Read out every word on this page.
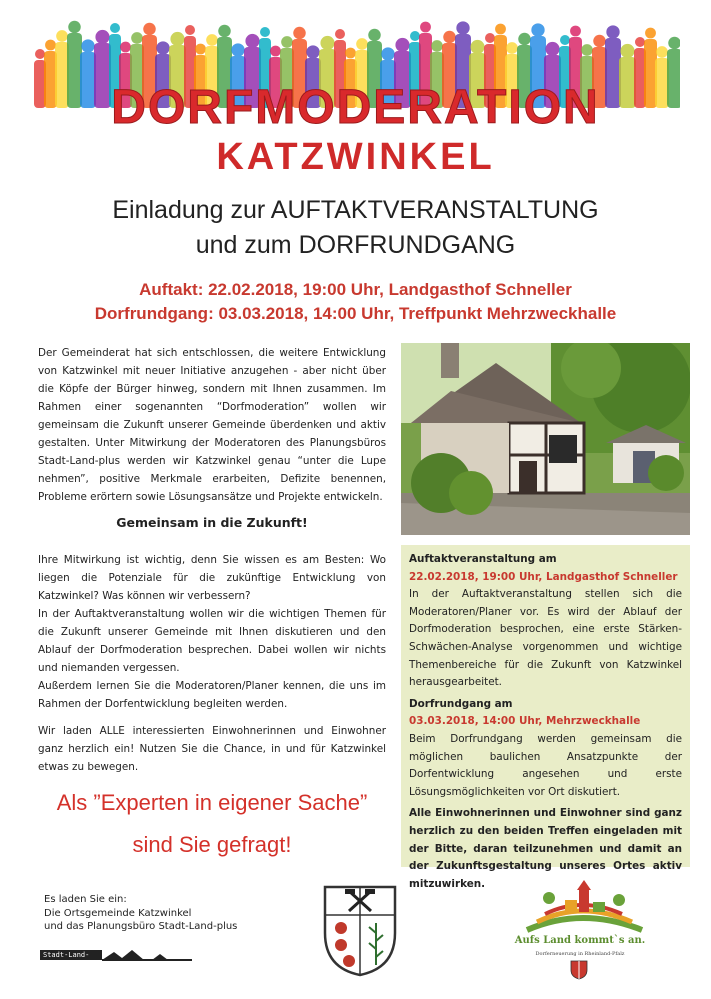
DORFMODERATION
KATZWINKEL
Einladung zur AUFTAKTVERANSTALTUNG
und zum DORFRUNDGANG
Auftakt: 22.02.2018, 19:00 Uhr, Landgasthof Schneller
Dorfrundgang: 03.03.2018, 14:00 Uhr, Treffpunkt Mehrzweckhalle

Der Gemeinderat hat sich entschlossen, die weitere Entwicklung von Katzwinkel mit neuer Initiative anzugehen - aber nicht über die Köpfe der Bürger hinweg, sondern mit Ihnen zusammen. Im Rahmen einer sogenannten “Dorfmoderation” wollen wir gemeinsam die Zukunft unserer Gemeinde überdenken und aktiv gestalten. Unter Mitwirkung der Moderatoren des Planungsbüros Stadt-Land-plus werden wir Katzwinkel genau “unter die Lupe nehmen”, positive Merkmale erarbeiten, Defizite benennen, Probleme erörtern sowie Lösungsansätze und Projekte entwickeln.

Gemeinsam in die Zukunft!
Ihre Mitwirkung ist wichtig, denn Sie wissen es am Besten: Wo liegen die Potenziale für die zukünftige Entwicklung von Katzwinkel? Was können wir verbessern?
In der Auftaktveranstaltung wollen wir die wichtigen Themen für die Zukunft unserer Gemeinde mit Ihnen diskutieren und den Ablauf der Dorfmoderation besprechen. Dabei wollen wir nichts und niemanden vergessen.
Außerdem lernen Sie die Moderatoren/Planer kennen, die uns im Rahmen der Dorfentwicklung begleiten werden.

Wir laden ALLE interessierten Einwohnerinnen und Einwohner ganz herzlich ein! Nutzen Sie die Chance, in und für Katzwinkel etwas zu bewegen.

Als ”Experten in eigener Sache”
sind Sie gefragt!
Auftaktveranstaltung am
22.02.2018, 19:00 Uhr, Landgasthof Schneller

In der Auftaktveranstaltung stellen sich die Moderatoren/Planer vor. Es wird der Ablauf der Dorfmoderation besprochen, eine erste Stärken-Schwächen-Analyse vorgenommen und wichtige Themenbereiche für die Zukunft von Katzwinkel herausgearbeitet.

Dorfrundgang am
03.03.2018, 14:00 Uhr, Mehrzweckhalle

Beim Dorfrundgang werden gemeinsam die möglichen baulichen Ansatzpunkte der Dorfentwicklung angesehen und erste Lösungsmöglichkeiten vor Ort diskutiert.

Alle Einwohnerinnen und Einwohner sind ganz herzlich zu den beiden Treffen eingeladen mit der Bitte, daran teilzunehmen und damit an der Zukunftsgestaltung unseres Ortes aktiv mitzuwirken.

Es laden Sie ein:
Die Ortsgemeinde Katzwinkel
und das Planungsbüro Stadt-Land-plus
Stadt-Land-plus
Aufs Land kommt`s an.
Dorferneuerung in Rheinland-Pfalz
